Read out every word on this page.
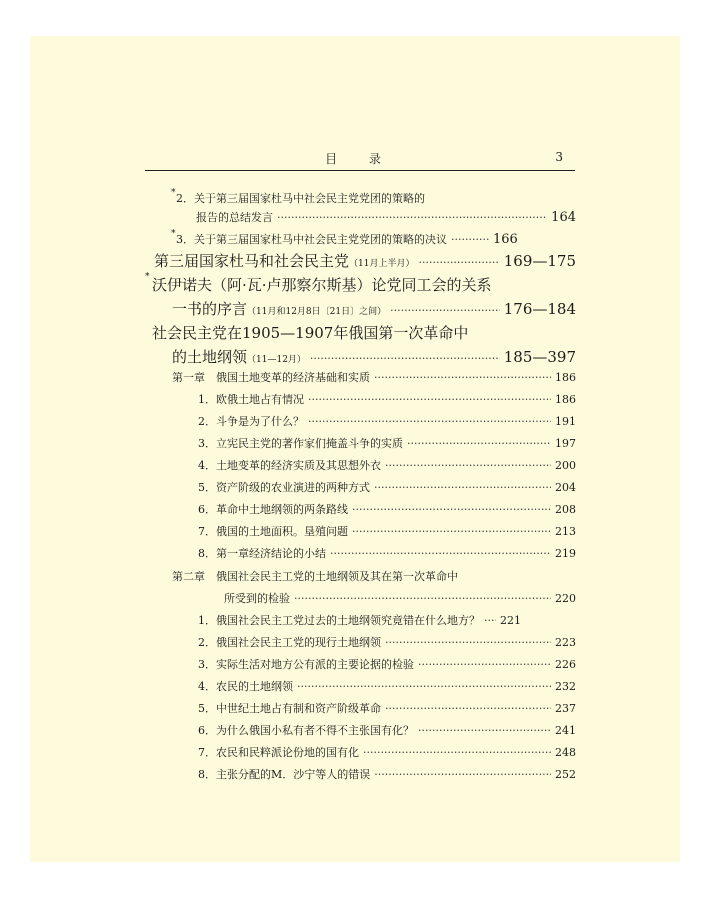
目 录	3
* 2．关于第三届国家杜马中社会民主党党团的策略的
报告的总结发言 ·····	164
* 3．关于第三届国家杜马中社会民主党党团的策略的决议 ·····	166
第三届国家杜马和社会民主党 （11月上半月） ·····	169—175
* 沃伊诺夫（阿·瓦·卢那察尔斯基）论党同工会的关系
一书的序言 （11月和12月8日〔21日〕之间） ·····	176—184
社会民主党在1905—1907年俄国第一次革命中
的土地纲领 （11—12月） ·····	185—397
第一章　俄国土地变革的经济基础和实质 ·····	186
1．欧俄土地占有情况 ·····	186
2．斗争是为了什么？ ·····	191
3．立宪民主党的著作家们掩盖斗争的实质 ·····	197
4．土地变革的经济实质及其思想外衣 ·····	200
5．资产阶级的农业演进的两种方式 ·····	204
6．革命中土地纲领的两条路线 ·····	208
7．俄国的土地面积。垦殖问题 ·····	213
8．第一章经济结论的小结 ·····	219
第二章　俄国社会民主工党的土地纲领及其在第一次革命中
所受到的检验 ·····	220
1．俄国社会民主工党过去的土地纲领究竟错在什么地方？ ····· 221
2．俄国社会民主工党的现行土地纲领 ·····	223
3．实际生活对地方公有派的主要论据的检验 ·····	226
4．农民的土地纲领 ·····	232
5．中世纪土地占有制和资产阶级革命 ·····	237
6．为什么俄国小私有者不得不主张国有化？ ·····	241
7．农民和民粹派论份地的国有化 ·····	248
8．主张分配的М．沙宁等人的错误 ·····	252
